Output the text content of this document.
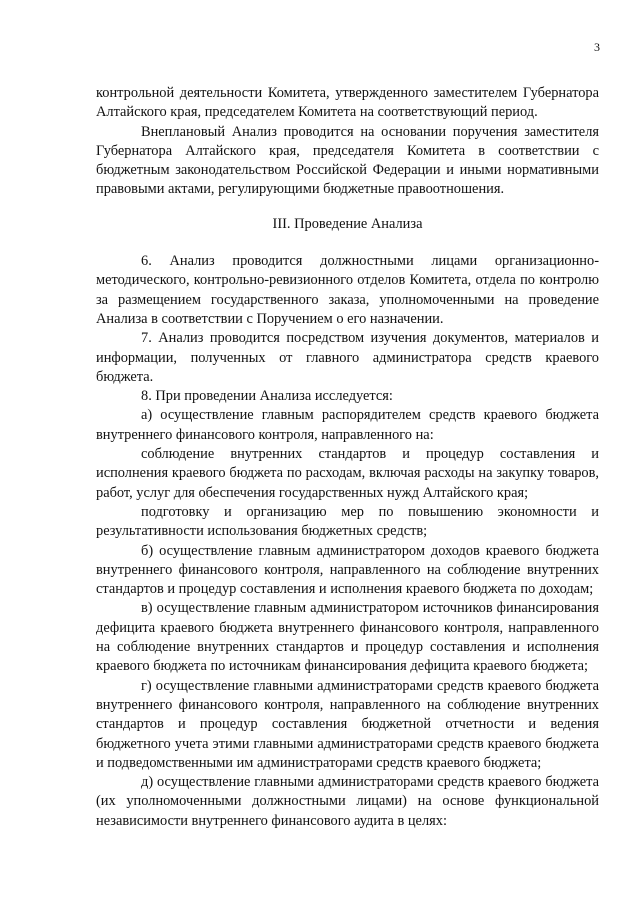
3

контрольной деятельности Комитета, утвержденного заместителем Губернатора Алтайского края, председателем Комитета на соответствующий период.

Внеплановый Анализ проводится на основании поручения заместителя Губернатора Алтайского края, председателя Комитета в соответствии с бюджетным законодательством Российской Федерации и иными нормативными правовыми актами, регулирующими бюджетные правоотношения.

III. Проведение Анализа

6. Анализ проводится должностными лицами организационно-методического, контрольно-ревизионного отделов Комитета, отдела по контролю за размещением государственного заказа, уполномоченными на проведение Анализа в соответствии с Поручением о его назначении.

7. Анализ проводится посредством изучения документов, материалов и информации, полученных от главного администратора средств краевого бюджета.

8. При проведении Анализа исследуется:

а) осуществление главным распорядителем средств краевого бюджета внутреннего финансового контроля, направленного на:

соблюдение внутренних стандартов и процедур составления и исполнения краевого бюджета по расходам, включая расходы на закупку товаров, работ, услуг для обеспечения государственных нужд Алтайского края;

подготовку и организацию мер по повышению экономности и результативности использования бюджетных средств;

б) осуществление главным администратором доходов краевого бюджета внутреннего финансового контроля, направленного на соблюдение внутренних стандартов и процедур составления и исполнения краевого бюджета по доходам;

в) осуществление главным администратором источников финансирования дефицита краевого бюджета внутреннего финансового контроля, направленного на соблюдение внутренних стандартов и процедур составления и исполнения краевого бюджета по источникам финансирования дефицита краевого бюджета;

г) осуществление главными администраторами средств краевого бюджета внутреннего финансового контроля, направленного на соблюдение внутренних стандартов и процедур составления бюджетной отчетности и ведения бюджетного учета этими главными администраторами средств краевого бюджета и подведомственными им администраторами средств краевого бюджета;

д) осуществление главными администраторами средств краевого бюджета (их уполномоченными должностными лицами) на основе функциональной независимости внутреннего финансового аудита в целях:
